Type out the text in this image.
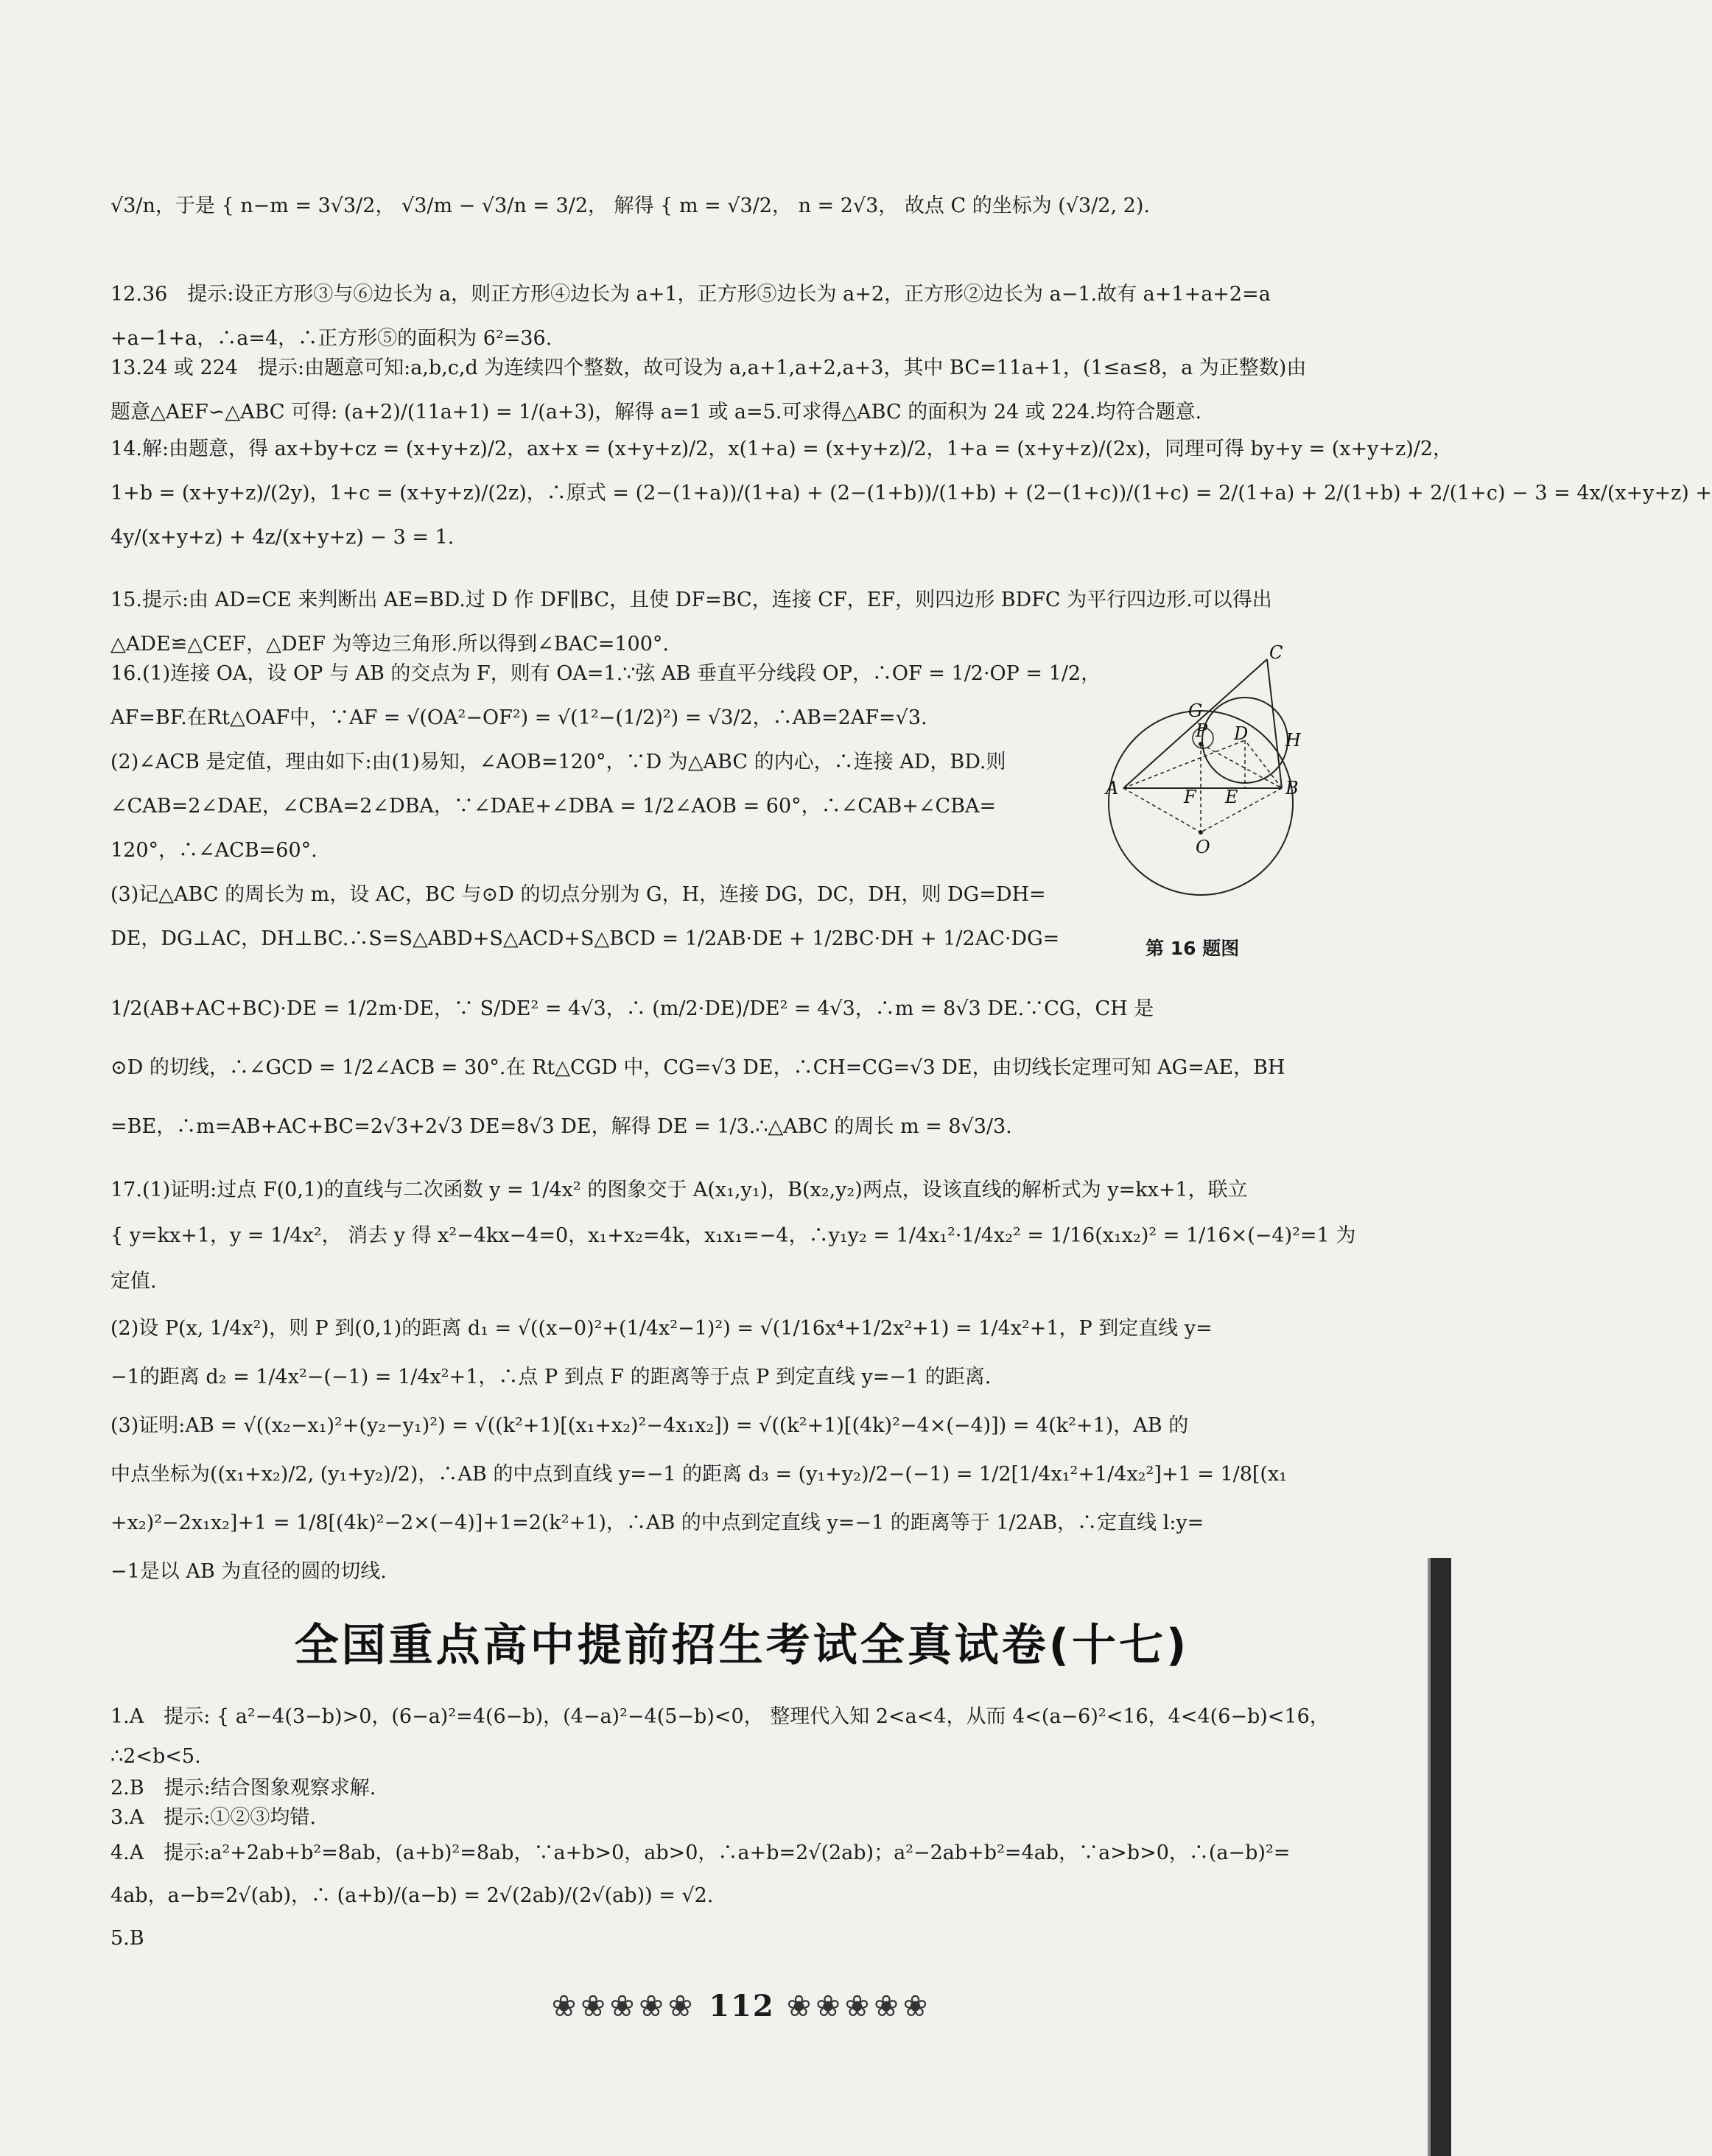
√3/n，于是 { n−m = 3√3/2， √3/m − √3/n = 3/2， 解得 { m = √3/2， n = 2√3， 故点 C 的坐标为 (√3/2, 2).
12.36　提示:设正方形③与⑥边长为 a，则正方形④边长为 a+1，正方形⑤边长为 a+2，正方形②边长为 a−1.故有 a+1+a+2=a
+a−1+a，∴a=4，∴正方形⑤的面积为 6²=36.
13.24 或 224　提示:由题意可知:a,b,c,d 为连续四个整数，故可设为 a,a+1,a+2,a+3，其中 BC=11a+1，(1≤a≤8，a 为正整数)由
题意△AEF∽△ABC 可得: (a+2)/(11a+1) = 1/(a+3)，解得 a=1 或 a=5.可求得△ABC 的面积为 24 或 224.均符合题意.
14.解:由题意，得 ax+by+cz = (x+y+z)/2，ax+x = (x+y+z)/2，x(1+a) = (x+y+z)/2，1+a = (x+y+z)/(2x)，同理可得 by+y = (x+y+z)/2，
1+b = (x+y+z)/(2y)，1+c = (x+y+z)/(2z)，∴原式 = (2−(1+a))/(1+a) + (2−(1+b))/(1+b) + (2−(1+c))/(1+c) = 2/(1+a) + 2/(1+b) + 2/(1+c) − 3 = 4x/(x+y+z) +
4y/(x+y+z) + 4z/(x+y+z) − 3 = 1.
15.提示:由 AD=CE 来判断出 AE=BD.过 D 作 DF∥BC，且使 DF=BC，连接 CF，EF，则四边形 BDFC 为平行四边形.可以得出
△ADE≌△CEF，△DEF 为等边三角形.所以得到∠BAC=100°.
16.(1)连接 OA，设 OP 与 AB 的交点为 F，则有 OA=1.∵弦 AB 垂直平分线段 OP，∴OF = 1/2·OP = 1/2，
AF=BF.在Rt△OAF中，∵AF = √(OA²−OF²) = √(1²−(1/2)²) = √3/2，∴AB=2AF=√3.
(2)∠ACB 是定值，理由如下:由(1)易知，∠AOB=120°，∵D 为△ABC 的内心，∴连接 AD，BD.则
∠CAB=2∠DAE，∠CBA=2∠DBA，∵∠DAE+∠DBA = 1/2∠AOB = 60°，∴∠CAB+∠CBA=
120°，∴∠ACB=60°.
(3)记△ABC 的周长为 m，设 AC，BC 与⊙D 的切点分别为 G，H，连接 DG，DC，DH，则 DG=DH=
DE，DG⊥AC，DH⊥BC.∴S=S△ABD+S△ACD+S△BCD = 1/2AB·DE + 1/2BC·DH + 1/2AC·DG=
1/2(AB+AC+BC)·DE = 1/2m·DE，∵ S/DE² = 4√3，∴ (m/2·DE)/DE² = 4√3，∴m = 8√3 DE.∵CG，CH 是
⊙D 的切线，∴∠GCD = 1/2∠ACB = 30°.在 Rt△CGD 中，CG=√3 DE，∴CH=CG=√3 DE，由切线长定理可知 AG=AE，BH
=BE，∴m=AB+AC+BC=2√3+2√3 DE=8√3 DE，解得 DE = 1/3.∴△ABC 的周长 m = 8√3/3.
C
G
P D H
A	F E	B
O
第 16 题图
17.(1)证明:过点 F(0,1)的直线与二次函数 y = 1/4x² 的图象交于 A(x₁,y₁)，B(x₂,y₂)两点，设该直线的解析式为 y=kx+1，联立
{ y=kx+1，y = 1/4x²， 消去 y 得 x²−4kx−4=0，x₁+x₂=4k，x₁x₁=−4，∴y₁y₂ = 1/4x₁²·1/4x₂² = 1/16(x₁x₂)² = 1/16×(−4)²=1 为
定值.
(2)设 P(x, 1/4x²)，则 P 到(0,1)的距离 d₁ = √((x−0)²+(1/4x²−1)²) = √(1/16x⁴+1/2x²+1) = 1/4x²+1，P 到定直线 y=
−1的距离 d₂ = 1/4x²−(−1) = 1/4x²+1，∴点 P 到点 F 的距离等于点 P 到定直线 y=−1 的距离.
(3)证明:AB = √((x₂−x₁)²+(y₂−y₁)²) = √((k²+1)[(x₁+x₂)²−4x₁x₂]) = √((k²+1)[(4k)²−4×(−4)]) = 4(k²+1)，AB 的
中点坐标为((x₁+x₂)/2, (y₁+y₂)/2)，∴AB 的中点到直线 y=−1 的距离 d₃ = (y₁+y₂)/2−(−1) = 1/2[1/4x₁²+1/4x₂²]+1 = 1/8[(x₁
+x₂)²−2x₁x₂]+1 = 1/8[(4k)²−2×(−4)]+1=2(k²+1)，∴AB 的中点到定直线 y=−1 的距离等于 1/2AB，∴定直线 l:y=
−1是以 AB 为直径的圆的切线.
全国重点高中提前招生考试全真试卷(十七)
1.A　提示: { a²−4(3−b)>0，(6−a)²=4(6−b)，(4−a)²−4(5−b)<0， 整理代入知 2<a<4，从而 4<(a−6)²<16，4<4(6−b)<16，
∴2<b<5.
2.B　提示:结合图象观察求解.
3.A　提示:①②③均错.
4.A　提示:a²+2ab+b²=8ab，(a+b)²=8ab，∵a+b>0，ab>0，∴a+b=2√(2ab)；a²−2ab+b²=4ab，∵a>b>0，∴(a−b)²=
4ab，a−b=2√(ab)，∴ (a+b)/(a−b) = 2√(2ab)/(2√(ab)) = √2.
5.B
❀❀❀❀❀ 112 ❀❀❀❀❀
